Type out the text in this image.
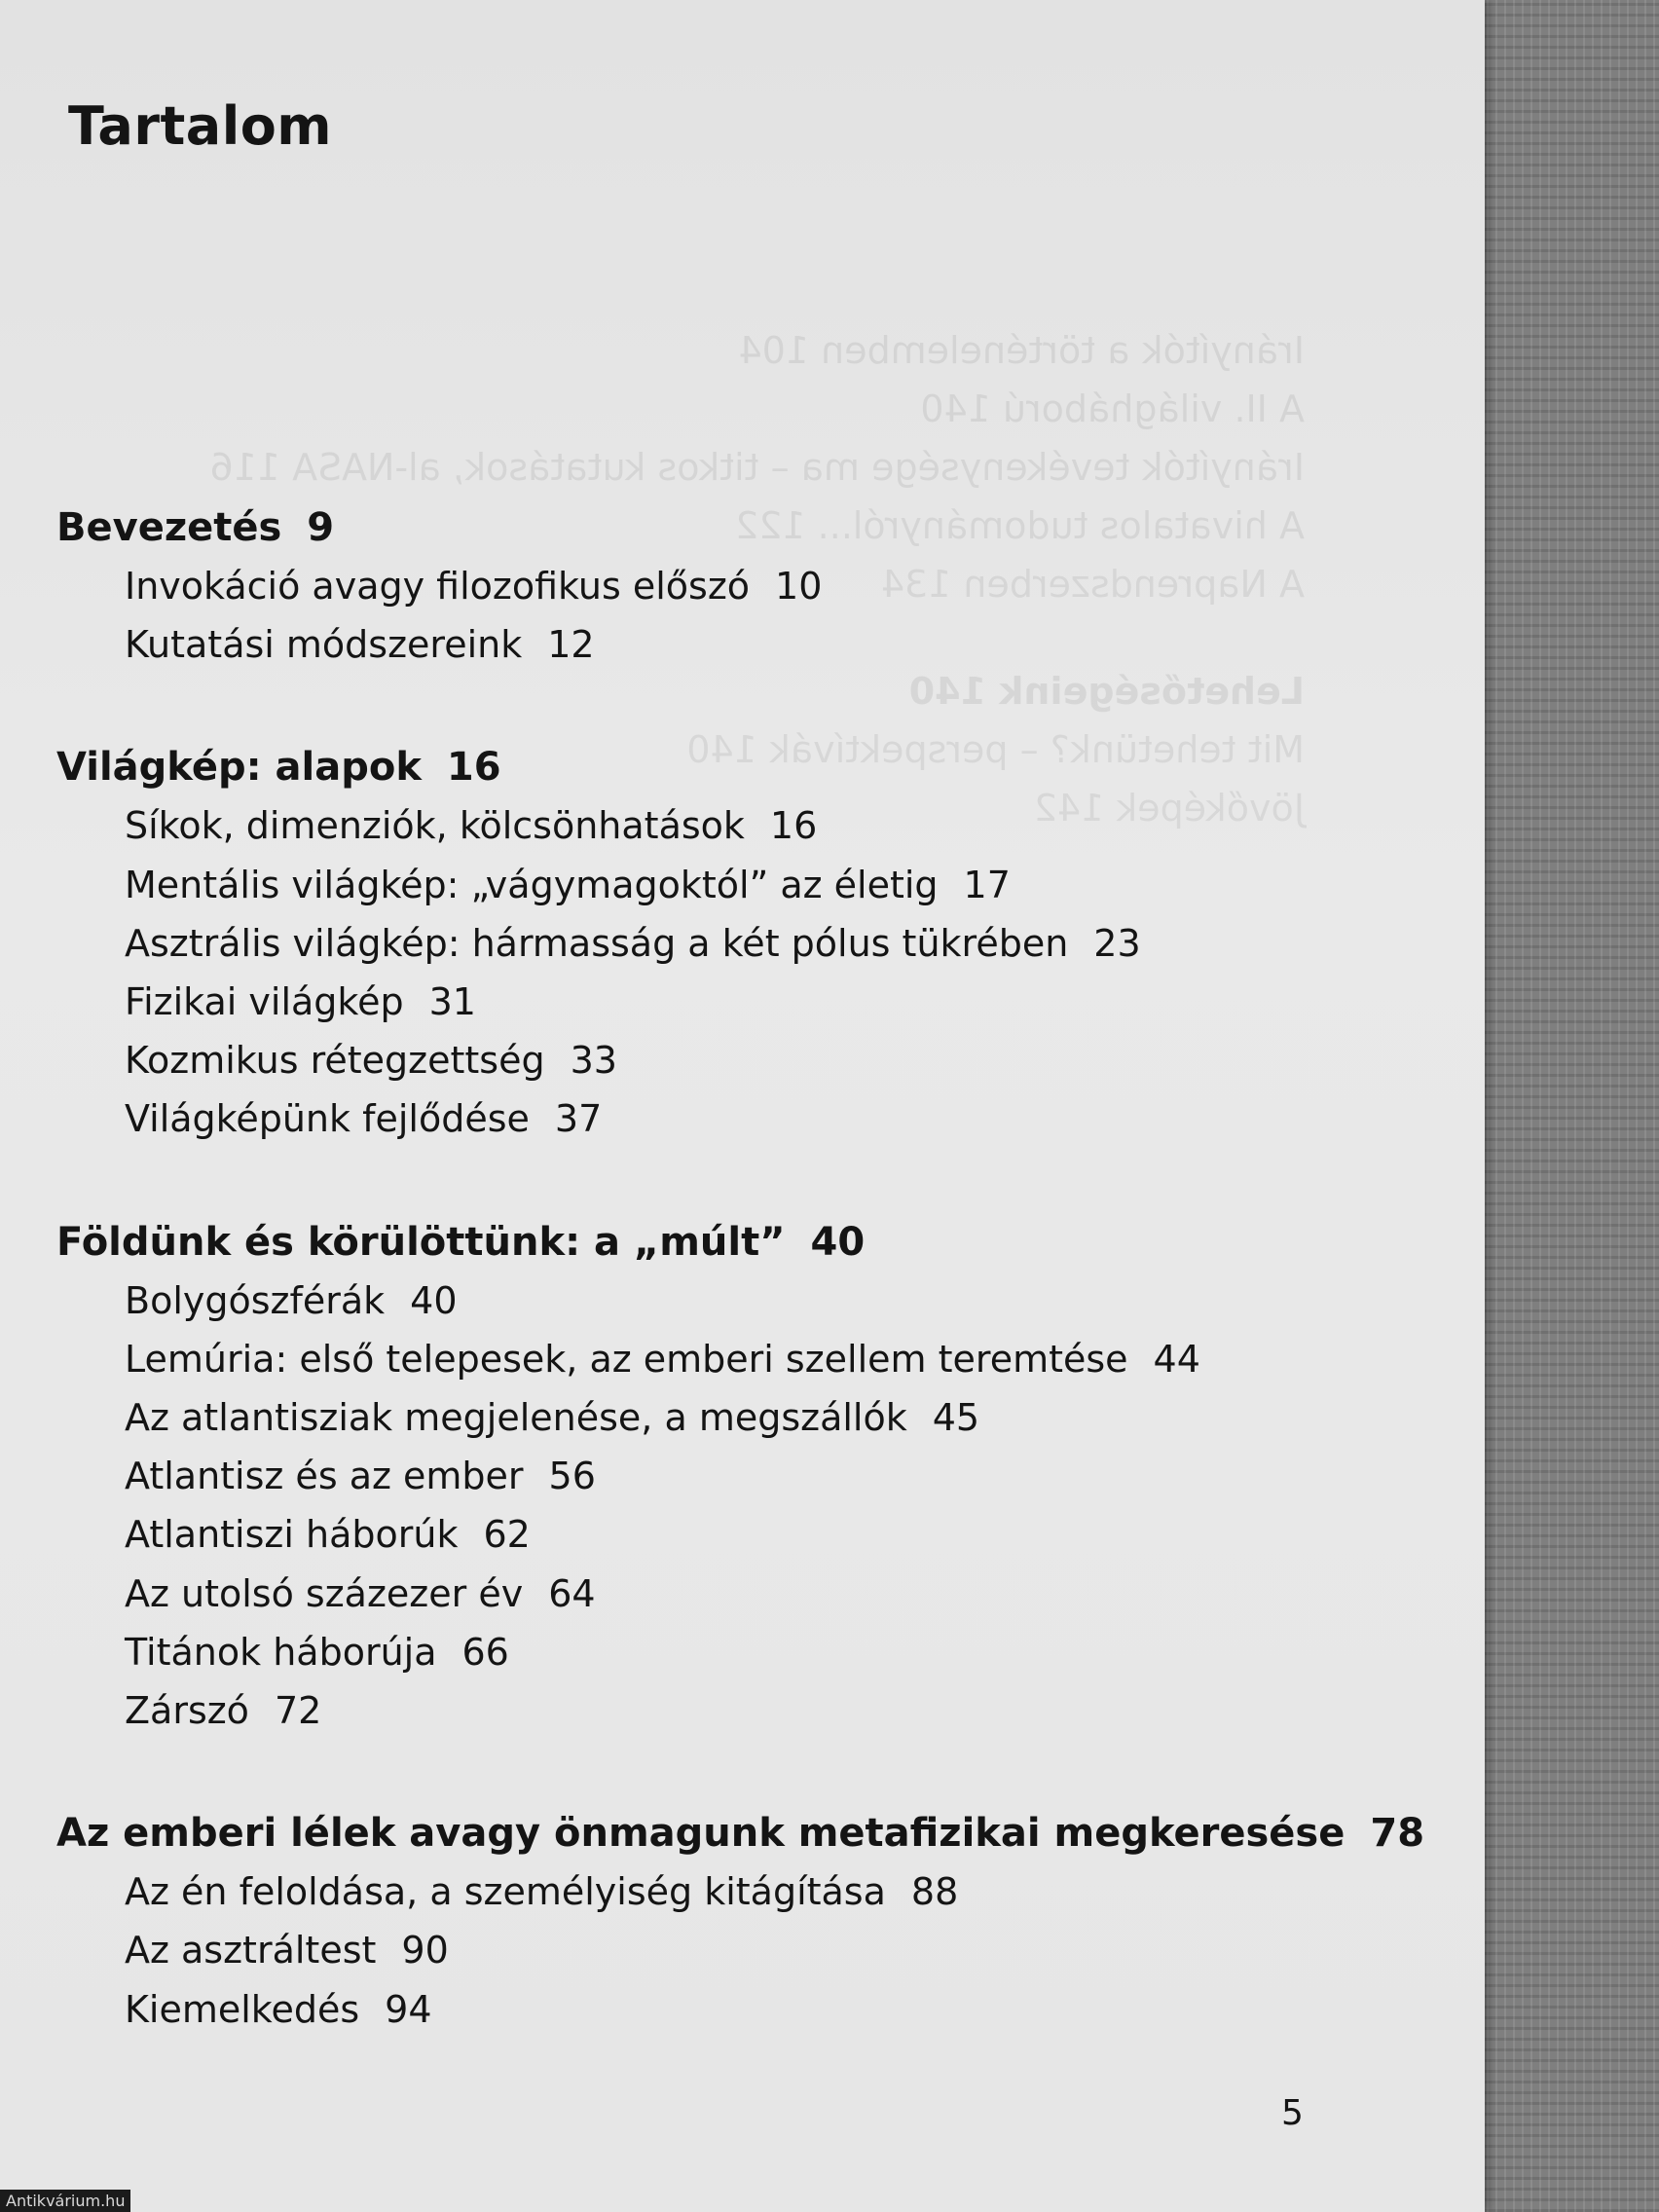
Irányítók a történelemben 104
A II. világháború 140
Irányítók tevékenysége ma – titkos kutatások, al-NASA 116
A hivatalos tudományról... 122
A Naprendszerben 134
Lehetőségeink 140
Mit tehetünk? – perspektívák 140
Jövőképek 142
Tartalom
Bevezetés 9
Invokáció avagy filozofikus előszó 10
Kutatási módszereink 12
Világkép: alapok 16
Síkok, dimenziók, kölcsönhatások 16
Mentális világkép: „vágymagoktól” az életig 17
Asztrális világkép: hármasság a két pólus tükrében 23
Fizikai világkép 31
Kozmikus rétegzettség 33
Világképünk fejlődése 37
Földünk és körülöttünk: a „múlt” 40
Bolygószférák 40
Lemúria: első telepesek, az emberi szellem teremtése 44
Az atlantisziak megjelenése, a megszállók 45
Atlantisz és az ember 56
Atlantiszi háborúk 62
Az utolsó százezer év 64
Titánok háborúja 66
Zárszó 72
Az emberi lélek avagy önmagunk metafizikai megkeresése 78
Az én feloldása, a személyiség kitágítása 88
Az asztráltest 90
Kiemelkedés 94
5
Antikvárium.hu
